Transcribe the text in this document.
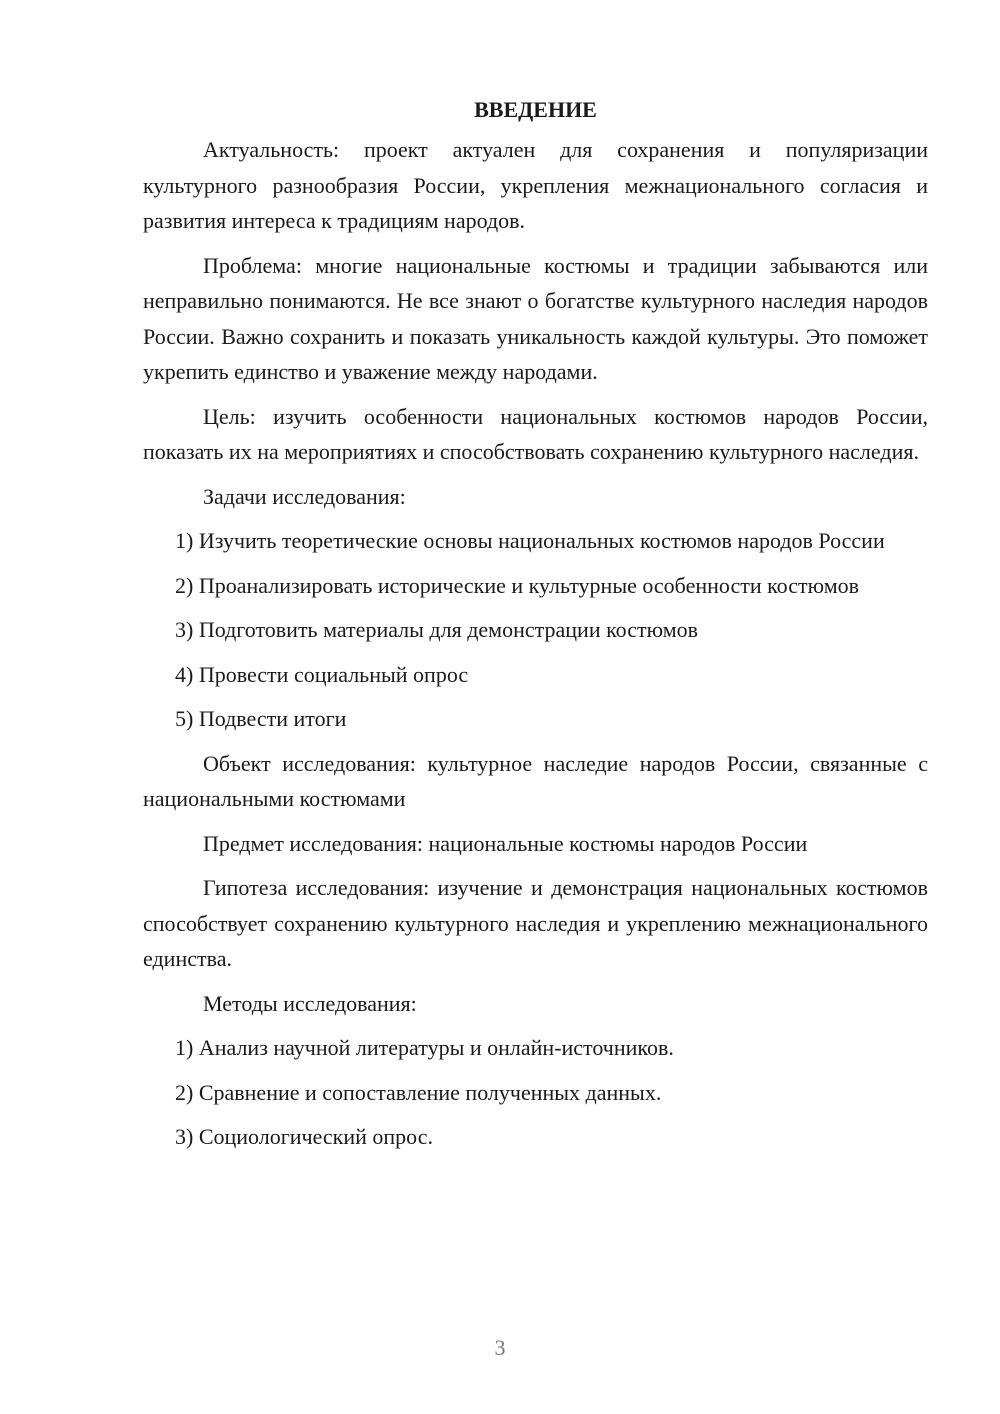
ВВЕДЕНИЕ

Актуальность: проект актуален для сохранения и популяризации культурного разнообразия России, укрепления межнационального согласия и развития интереса к традициям народов.

Проблема: многие национальные костюмы и традиции забываются или неправильно понимаются. Не все знают о богатстве культурного наследия народов России. Важно сохранить и показать уникальность каждой культуры. Это поможет укрепить единство и уважение между народами.

Цель: изучить особенности национальных костюмов народов России, показать их на мероприятиях и способствовать сохранению культурного наследия.

Задачи исследования:

1) Изучить теоретические основы национальных костюмов народов России

2) Проанализировать исторические и культурные особенности костюмов

3) Подготовить материалы для демонстрации костюмов

4) Провести социальный опрос

5) Подвести итоги

Объект исследования: культурное наследие народов России, связанные с национальными костюмами

Предмет исследования: национальные костюмы народов России

Гипотеза исследования: изучение и демонстрация национальных костюмов способствует сохранению культурного наследия и укреплению межнационального единства.

Методы исследования:

1) Анализ научной литературы и онлайн-источников.

2) Сравнение и сопоставление полученных данных.

3) Социологический опрос.

3
